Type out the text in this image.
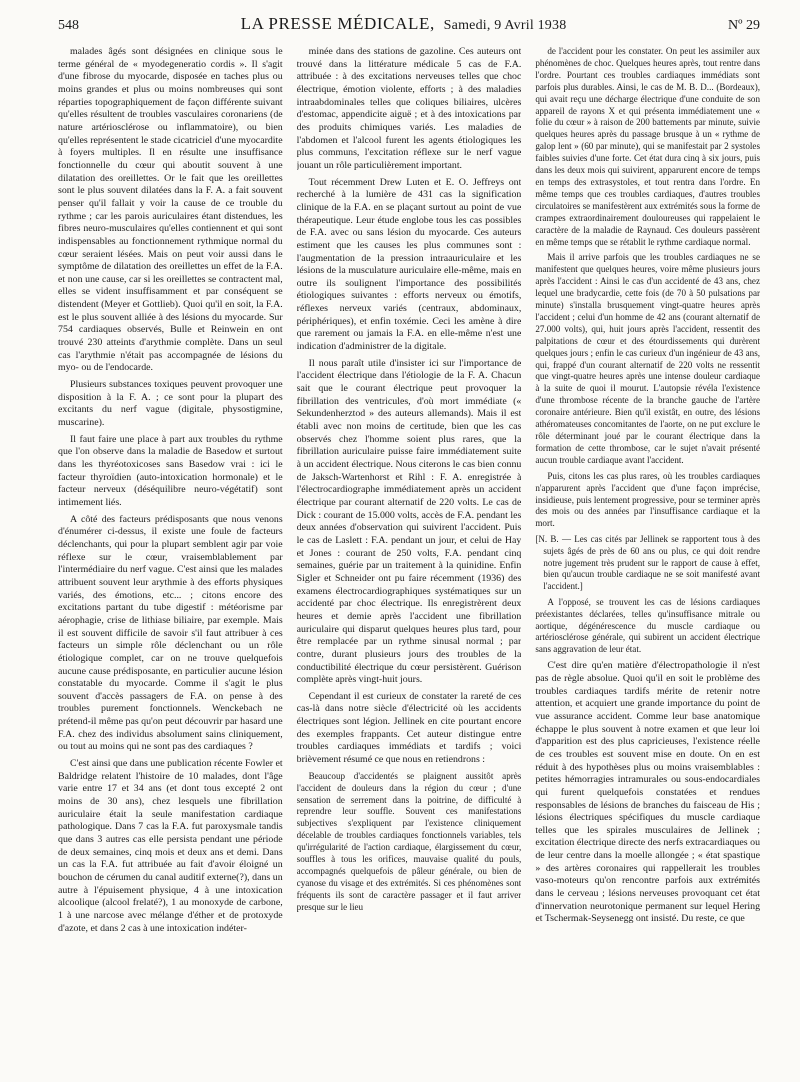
548	LA PRESSE MÉDICALE, Samedi, 9 Avril 1938	Nº 29

malades âgés sont désignées en clinique sous le terme général de « myodegeneratio cordis ». Il s'agit d'une fibrose du myocarde, disposée en taches plus ou moins grandes et plus ou moins nombreuses qui sont réparties topographiquement de façon différente suivant qu'elles résultent de troubles vasculaires coronariens (de nature artériosclérose ou inflammatoire), ou bien qu'elles représentent le stade cicatriciel d'une myocardite à foyers multiples. Il en résulte une insuffisance fonctionnelle du cœur qui aboutit souvent à une dilatation des oreillettes. Or le fait que les oreillettes sont le plus souvent dilatées dans la F. A. a fait souvent penser qu'il fallait y voir la cause de ce trouble du rythme ; car les parois auriculaires étant distendues, les fibres neuro-musculaires qu'elles contiennent et qui sont indispensables au fonctionnement rythmique normal du cœur seraient lésées. Mais on peut voir aussi dans le symptôme de dilatation des oreillettes un effet de la F.A. et non une cause, car si les oreillettes se contractent mal, elles se vident insuffisamment et par conséquent se distendent (Meyer et Gottlieb). Quoi qu'il en soit, la F.A. est le plus souvent alliée à des lésions du myocarde. Sur 754 cardiaques observés, Bulle et Reinwein en ont trouvé 230 atteints d'arythmie complète. Dans un seul cas l'arythmie n'était pas accompagnée de lésions du myo- ou de l'endocarde.

Plusieurs substances toxiques peuvent provoquer une disposition à la F. A. ; ce sont pour la plupart des excitants du nerf vague (digitale, physostigmine, muscarine).

Il faut faire une place à part aux troubles du rythme que l'on observe dans la maladie de Basedow et surtout dans les thyréotoxicoses sans Basedow vrai : ici le facteur thyroïdien (auto-intoxication hormonale) et le facteur nerveux (déséquilibre neuro-végétatif) sont intimement liés.

A côté des facteurs prédisposants que nous venons d'énumérer ci-dessus, il existe une foule de facteurs déclenchants, qui pour la plupart semblent agir par voie réflexe sur le cœur, vraisemblablement par l'intermédiaire du nerf vague. C'est ainsi que les malades attribuent souvent leur arythmie à des efforts physiques variés, des émotions, etc... ; citons encore des excitations partant du tube digestif : météorisme par aérophagie, crise de lithiase biliaire, par exemple. Mais il est souvent difficile de savoir s'il faut attribuer à ces facteurs un simple rôle déclenchant ou un rôle étiologique complet, car on ne trouve quelquefois aucune cause prédisposante, en particulier aucune lésion constatable du myocarde. Comme il s'agit le plus souvent d'accès passagers de F.A. on pense à des troubles purement fonctionnels. Wenckebach ne prétend-il même pas qu'on peut découvrir par hasard une F.A. chez des individus absolument sains cliniquement, ou tout au moins qui ne sont pas des cardiaques ?

C'est ainsi que dans une publication récente Fowler et Baldridge relatent l'histoire de 10 malades, dont l'âge varie entre 17 et 34 ans (et dont tous excepté 2 ont moins de 30 ans), chez lesquels une fibrillation auriculaire était la seule manifestation cardiaque pathologique. Dans 7 cas la F.A. fut paroxysmale tandis que dans 3 autres cas elle persista pendant une période de deux semaines, cinq mois et deux ans et demi. Dans un cas la F.A. fut attribuée au fait d'avoir éloigné un bouchon de cérumen du canal auditif externe(?), dans un autre à l'épuisement physique, 4 à une intoxication alcoolique (alcool frelaté?), 1 au monoxyde de carbone, 1 à une narcose avec mélange d'éther et de protoxyde d'azote, et dans 2 cas à une intoxication indéter-

minée dans des stations de gazoline. Ces auteurs ont trouvé dans la littérature médicale 5 cas de F.A. attribuée : à des excitations nerveuses telles que choc électrique, émotion violente, efforts ; à des maladies intraabdominales telles que coliques biliaires, ulcères d'estomac, appendicite aiguë ; et à des intoxications par des produits chimiques variés. Les maladies de l'abdomen et l'alcool furent les agents étiologiques les plus communs, l'excitation réflexe sur le nerf vague jouant un rôle particulièrement important.

Tout récemment Drew Luten et E. O. Jeffreys ont recherché à la lumière de 431 cas la signification clinique de la F.A. en se plaçant surtout au point de vue thérapeutique. Leur étude englobe tous les cas possibles de F.A. avec ou sans lésion du myocarde. Ces auteurs estiment que les causes les plus communes sont : l'augmentation de la pression intraauriculaire et les lésions de la musculature auriculaire elle-même, mais en outre ils soulignent l'importance des possibilités étiologiques suivantes : efforts nerveux ou émotifs, réflexes nerveux variés (centraux, abdominaux, périphériques), et enfin toxémie. Ceci les amène à dire que rarement ou jamais la F.A. en elle-même n'est une indication d'administrer de la digitale.

Il nous paraît utile d'insister ici sur l'importance de l'accident électrique dans l'étiologie de la F. A. Chacun sait que le courant électrique peut provoquer la fibrillation des ventricules, d'où mort immédiate (« Sekundenherztod » des auteurs allemands). Mais il est établi avec non moins de certitude, bien que les cas observés chez l'homme soient plus rares, que la fibrillation auriculaire puisse faire immédiatement suite à un accident électrique. Nous citerons le cas bien connu de Jaksch-Wartenhorst et Rihl : F. A. enregistrée à l'électrocardiographe immédiatement après un accident électrique par courant alternatif de 220 volts. Le cas de Dick : courant de 15.000 volts, accès de F.A. pendant les deux années d'observation qui suivirent l'accident. Puis le cas de Laslett : F.A. pendant un jour, et celui de Hay et Jones : courant de 250 volts, F.A. pendant cinq semaines, guérie par un traitement à la quinidine. Enfin Sigler et Schneider ont pu faire récemment (1936) des examens électrocardiographiques systématiques sur un accidenté par choc électrique. Ils enregistrèrent deux heures et demie après l'accident une fibrillation auriculaire qui disparut quelques heures plus tard, pour être remplacée par un rythme sinusal normal ; par contre, durant plusieurs jours des troubles de la conductibilité électrique du cœur persistèrent. Guérison complète après vingt-huit jours.

Cependant il est curieux de constater la rareté de ces cas-là dans notre siècle d'électricité où les accidents électriques sont légion. Jellinek en cite pourtant encore des exemples frappants. Cet auteur distingue entre troubles cardiaques immédiats et tardifs ; voici brièvement résumé ce que nous en retiendrons :

Beaucoup d'accidentés se plaignent aussitôt après l'accident de douleurs dans la région du cœur ; d'une sensation de serrement dans la poitrine, de difficulté à reprendre leur souffle. Souvent ces manifestations subjectives s'expliquent par l'existence cliniquement décelable de troubles cardiaques fonctionnels variables, tels qu'irrégularité de l'action cardiaque, élargissement du cœur, souffles à tous les orifices, mauvaise qualité du pouls, accompagnés quelquefois de pâleur générale, ou bien de cyanose du visage et des extrémités. Si ces phénomènes sont fréquents ils sont de caractère passager et il faut arriver presque sur le lieu

de l'accident pour les constater. On peut les assimiler aux phénomènes de choc. Quelques heures après, tout rentre dans l'ordre. Pourtant ces troubles cardiaques immédiats sont parfois plus durables. Ainsi, le cas de M. B. D... (Bordeaux), qui avait reçu une décharge électrique d'une conduite de son appareil de rayons X et qui présenta immédiatement une « folie du cœur » à raison de 200 battements par minute, suivie quelques heures après du passage brusque à un « rythme de galop lent » (60 par minute), qui se manifestait par 2 systoles faibles suivies d'une forte. Cet état dura cinq à six jours, puis dans les deux mois qui suivirent, apparurent encore de temps en temps des extrasystoles, et tout rentra dans l'ordre. En même temps que ces troubles cardiaques, d'autres troubles circulatoires se manifestèrent aux extrémités sous la forme de crampes extraordinairement douloureuses qui rappelaient le caractère de la maladie de Raynaud. Ces douleurs passèrent en même temps que se rétablit le rythme cardiaque normal.

Mais il arrive parfois que les troubles cardiaques ne se manifestent que quelques heures, voire même plusieurs jours après l'accident : Ainsi le cas d'un accidenté de 43 ans, chez lequel une bradycardie, cette fois (de 70 à 50 pulsations par minute) s'installa brusquement vingt-quatre heures après l'accident ; celui d'un homme de 42 ans (courant alternatif de 27.000 volts), qui, huit jours après l'accident, ressentit des palpitations de cœur et des étourdissements qui durèrent quelques jours ; enfin le cas curieux d'un ingénieur de 43 ans, qui, frappé d'un courant alternatif de 220 volts ne ressentit que vingt-quatre heures après une intense douleur cardiaque à la suite de quoi il mourut. L'autopsie révéla l'existence d'une thrombose récente de la branche gauche de l'artère coronaire antérieure. Bien qu'il existât, en outre, des lésions athéromateuses concomitantes de l'aorte, on ne put exclure le rôle déterminant joué par le courant électrique dans la formation de cette thrombose, car le sujet n'avait présenté aucun trouble cardiaque avant l'accident.

Puis, citons les cas plus rares, où les troubles cardiaques n'apparurent après l'accident que d'une façon imprécise, insidieuse, puis lentement progressive, pour se terminer après des mois ou des années par l'insuffisance cardiaque et la mort.

[N. B. — Les cas cités par Jellinek se rapportent tous à des sujets âgés de près de 60 ans ou plus, ce qui doit rendre notre jugement très prudent sur le rapport de cause à effet, bien qu'aucun trouble cardiaque ne se soit manifesté avant l'accident.]

A l'opposé, se trouvent les cas de lésions cardiaques préexistantes déclarées, telles qu'insuffisance mitrale ou aortique, dégénérescence du muscle cardiaque ou artériosclérose générale, qui subirent un accident électrique sans aggravation de leur état.

C'est dire qu'en matière d'électropathologie il n'est pas de règle absolue. Quoi qu'il en soit le problème des troubles cardiaques tardifs mérite de retenir notre attention, et acquiert une grande importance du point de vue assurance accident. Comme leur base anatomique échappe le plus souvent à notre examen et que leur loi d'apparition est des plus capricieuses, l'existence réelle de ces troubles est souvent mise en doute. On en est réduit à des hypothèses plus ou moins vraisemblables : petites hémorragies intramurales ou sous-endocardiales qui furent quelquefois constatées et rendues responsables de lésions de branches du faisceau de His ; lésions électriques spécifiques du muscle cardiaque telles que les spirales musculaires de Jellinek ; excitation électrique directe des nerfs extracardiaques ou de leur centre dans la moelle allongée ; « état spastique » des artères coronaires qui rappellerait les troubles vaso-moteurs qu'on rencontre parfois aux extrémités dans le cerveau ; lésions nerveuses provoquant cet état d'innervation neurotonique permanent sur lequel Hering et Tschermak-Seysenegg ont insisté. Du reste, ce que
